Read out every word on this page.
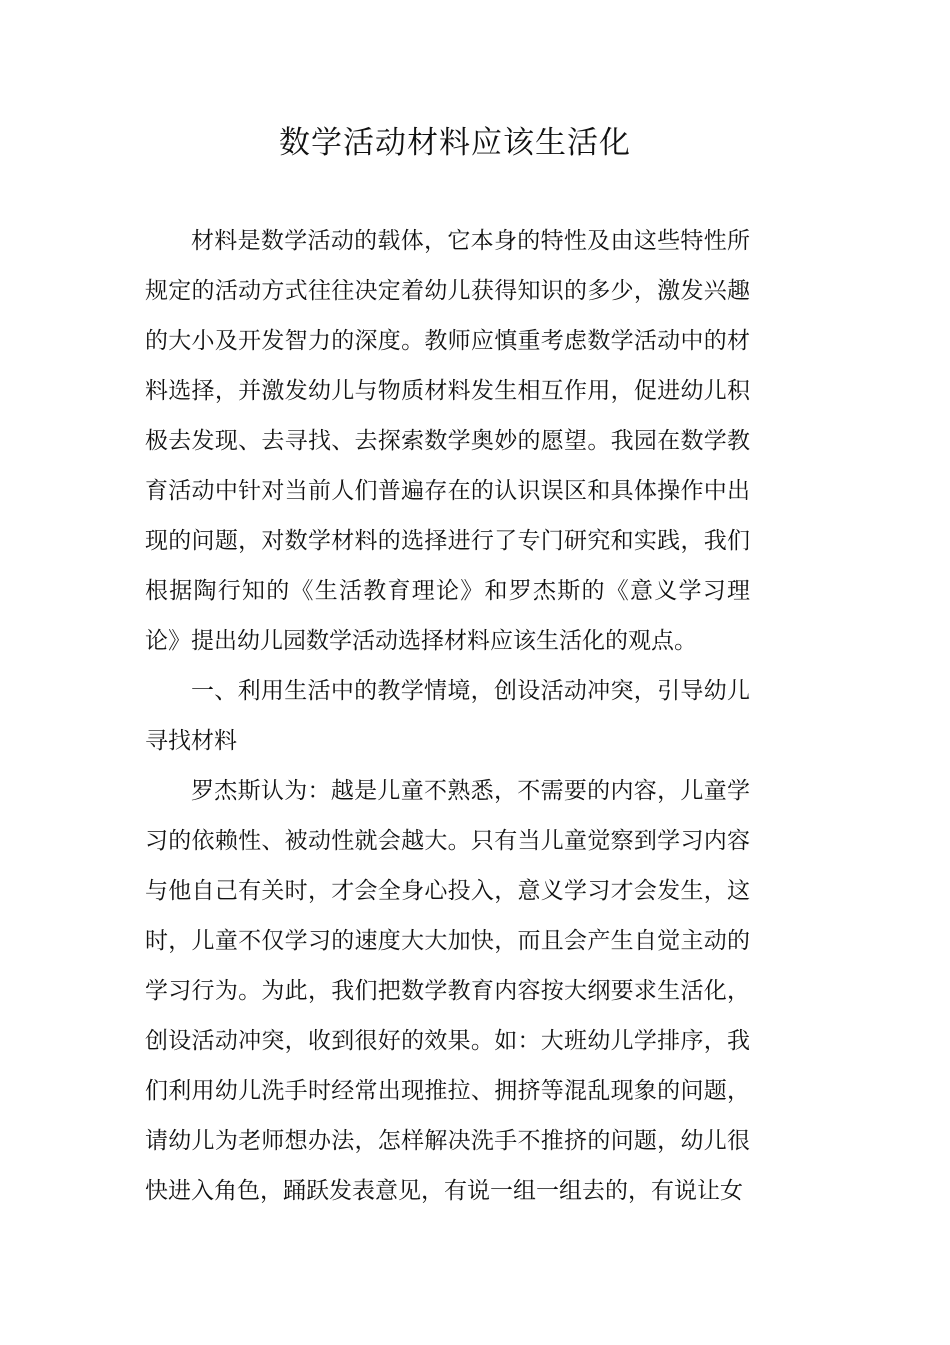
数学活动材料应该生活化

材料是数学活动的载体，它本身的特性及由这些特性所规定的活动方式往往决定着幼儿获得知识的多少，激发兴趣的大小及开发智力的深度。教师应慎重考虑数学活动中的材料选择，并激发幼儿与物质材料发生相互作用，促进幼儿积极去发现、去寻找、去探索数学奥妙的愿望。我园在数学教育活动中针对当前人们普遍存在的认识误区和具体操作中出现的问题，对数学材料的选择进行了专门研究和实践，我们根据陶行知的《生活教育理论》和罗杰斯的《意义学习理论》提出幼儿园数学活动选择材料应该生活化的观点。

一、利用生活中的教学情境，创设活动冲突，引导幼儿寻找材料

罗杰斯认为：越是儿童不熟悉，不需要的内容，儿童学习的依赖性、被动性就会越大。只有当儿童觉察到学习内容与他自己有关时，才会全身心投入，意义学习才会发生，这时，儿童不仅学习的速度大大加快，而且会产生自觉主动的学习行为。为此，我们把数学教育内容按大纲要求生活化，创设活动冲突，收到很好的效果。如：大班幼儿学排序，我们利用幼儿洗手时经常出现推拉、拥挤等混乱现象的问题，请幼儿为老师想办法，怎样解决洗手不推挤的问题，幼儿很快进入角色，踊跃发表意见，有说一组一组去的，有说让女
